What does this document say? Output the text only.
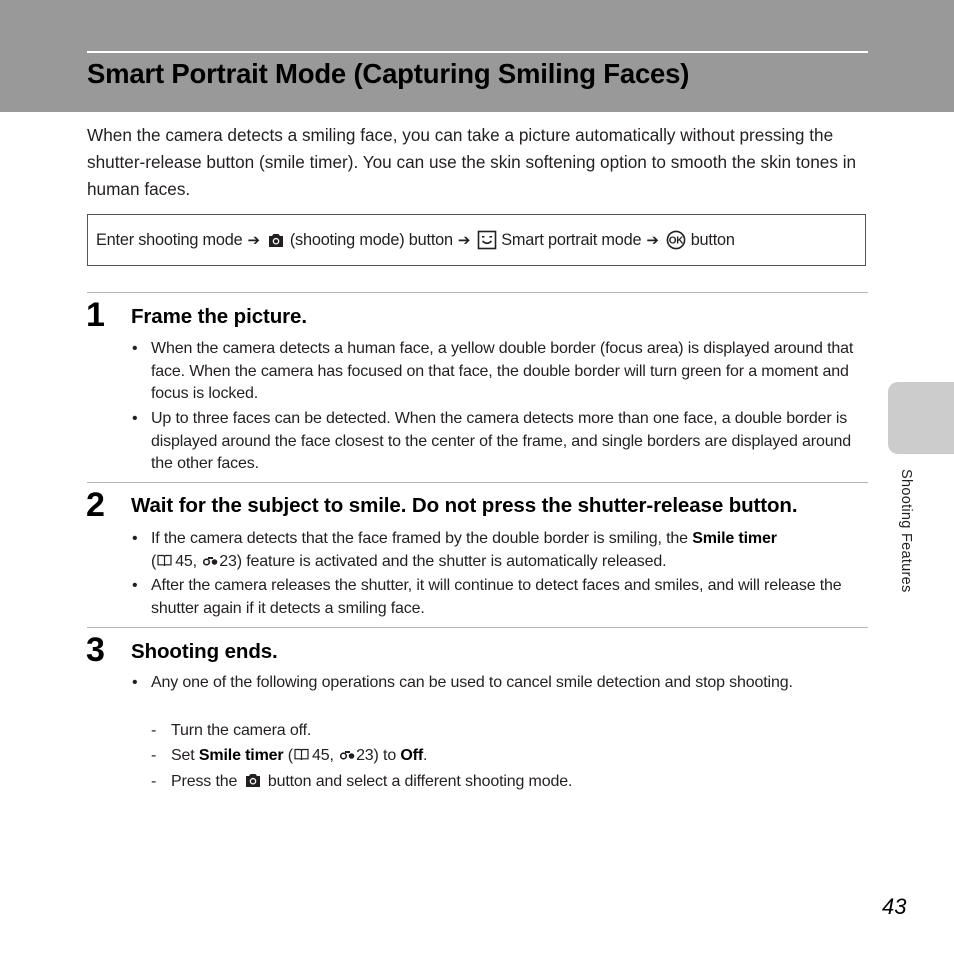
Smart Portrait Mode (Capturing Smiling Faces)

When the camera detects a smiling face, you can take a picture automatically without pressing the shutter-release button (smile timer). You can use the skin softening option to smooth the skin tones in human faces.

Enter shooting mode ➔ (shooting mode) button ➔ Smart portrait mode ➔ OK button
1 Frame the picture.
• When the camera detects a human face, a yellow double border (focus area) is displayed around that face. When the camera has focused on that face, the double border will turn green for a moment and focus is locked.
• Up to three faces can be detected. When the camera detects more than one face, a double border is displayed around the face closest to the center of the frame, and single borders are displayed around the other faces.
2 Wait for the subject to smile. Do not press the shutter-release button.
• If the camera detects that the face framed by the double border is smiling, the Smile timer
( 45, 23) feature is activated and the shutter is automatically released.
• After the camera releases the shutter, it will continue to detect faces and smiles, and will release the shutter again if it detects a smiling face.
3 Shooting ends.
• Any one of the following operations can be used to cancel smile detection and stop shooting.
- Turn the camera off.
- Set Smile timer ( 45, 23) to Off.
- Press the button and select a different shooting mode.
Shooting Features
43
